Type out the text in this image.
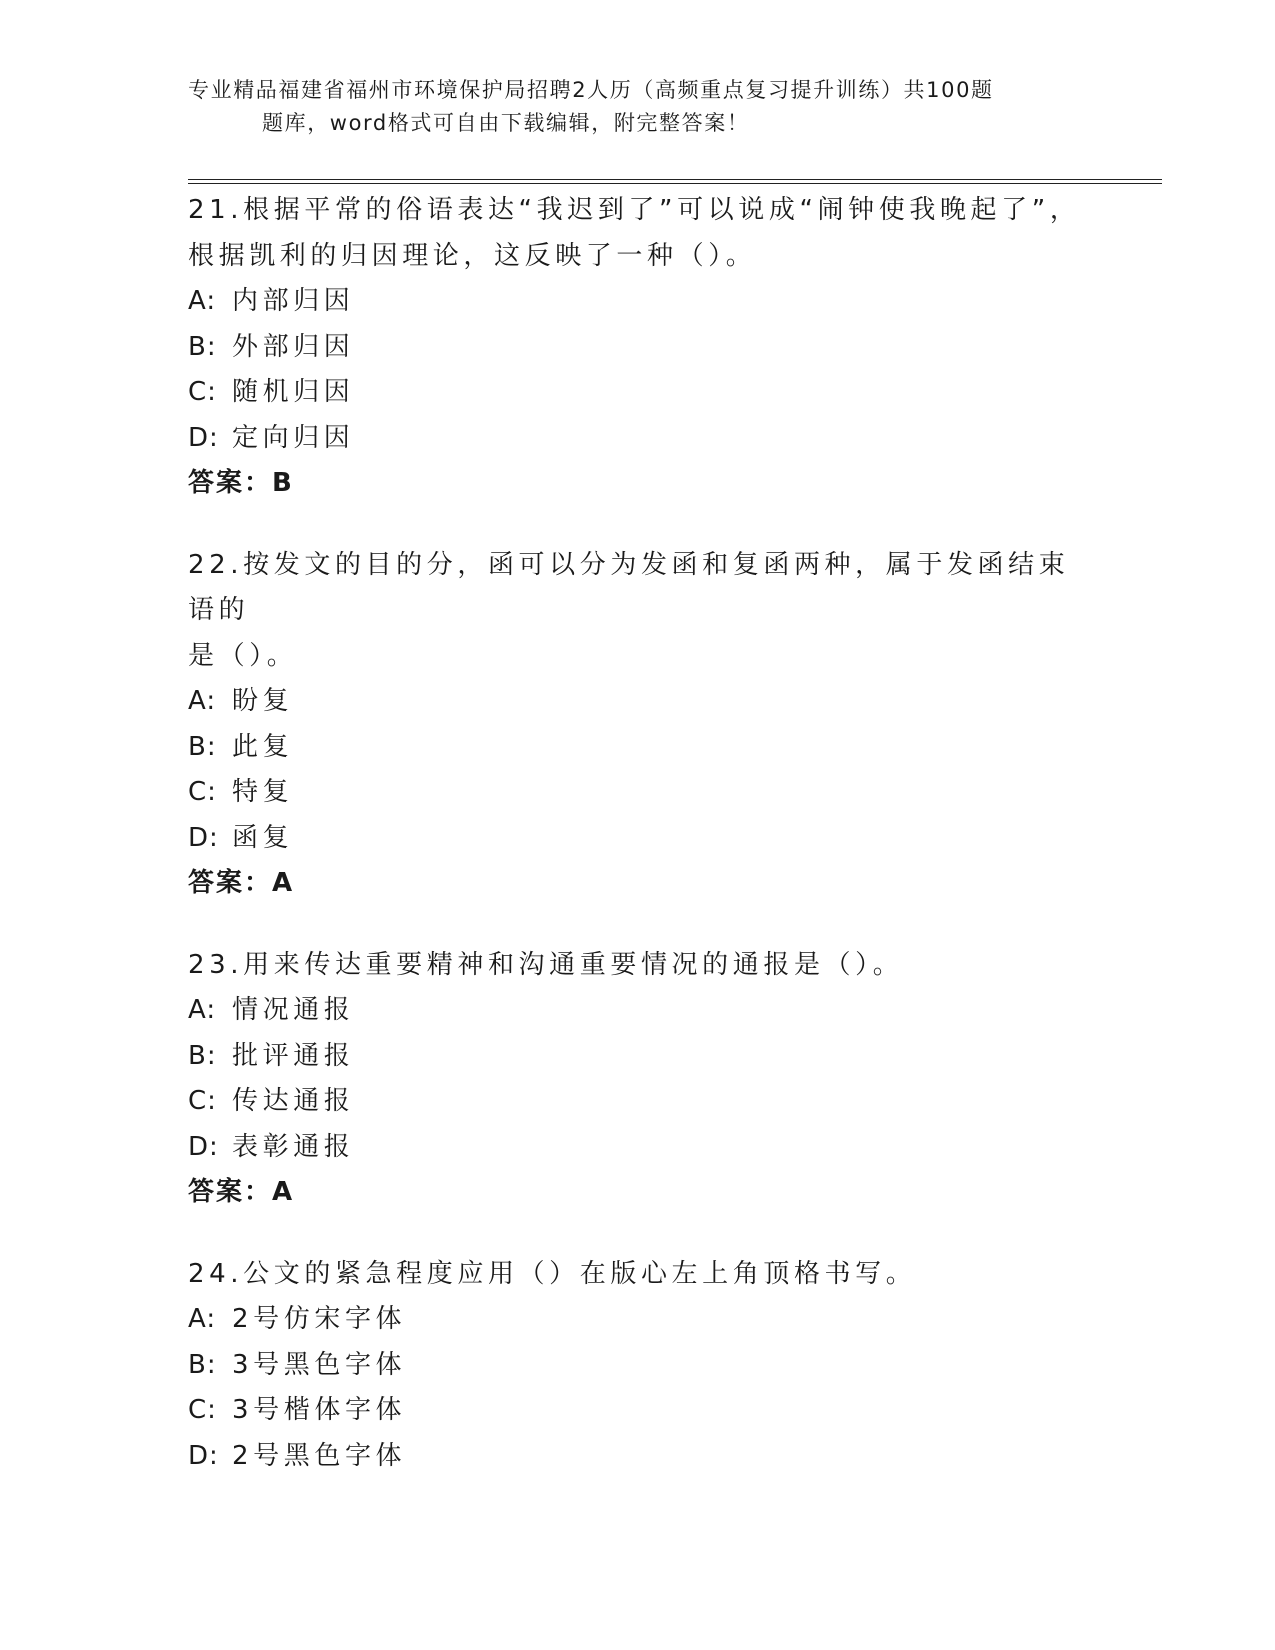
专业精品福建省福州市环境保护局招聘2人历（高频重点复习提升训练）共100题
题库，word格式可自由下载编辑，附完整答案！

21.根据平常的俗语表达“我迟到了”可以说成“闹钟使我晚起了”，

根据凯利的归因理论，这反映了一种（）。

A: 内部归因

B: 外部归因

C: 随机归因

D: 定向归因

答案：B

22.按发文的目的分，函可以分为发函和复函两种，属于发函结束语的

是（）。

A: 盼复

B: 此复

C: 特复

D: 函复

答案：A

23.用来传达重要精神和沟通重要情况的通报是（）。

A: 情况通报

B: 批评通报

C: 传达通报

D: 表彰通报

答案：A

24.公文的紧急程度应用（）在版心左上角顶格书写。

A: 2号仿宋字体

B: 3号黑色字体

C: 3号楷体字体

D: 2号黑色字体
